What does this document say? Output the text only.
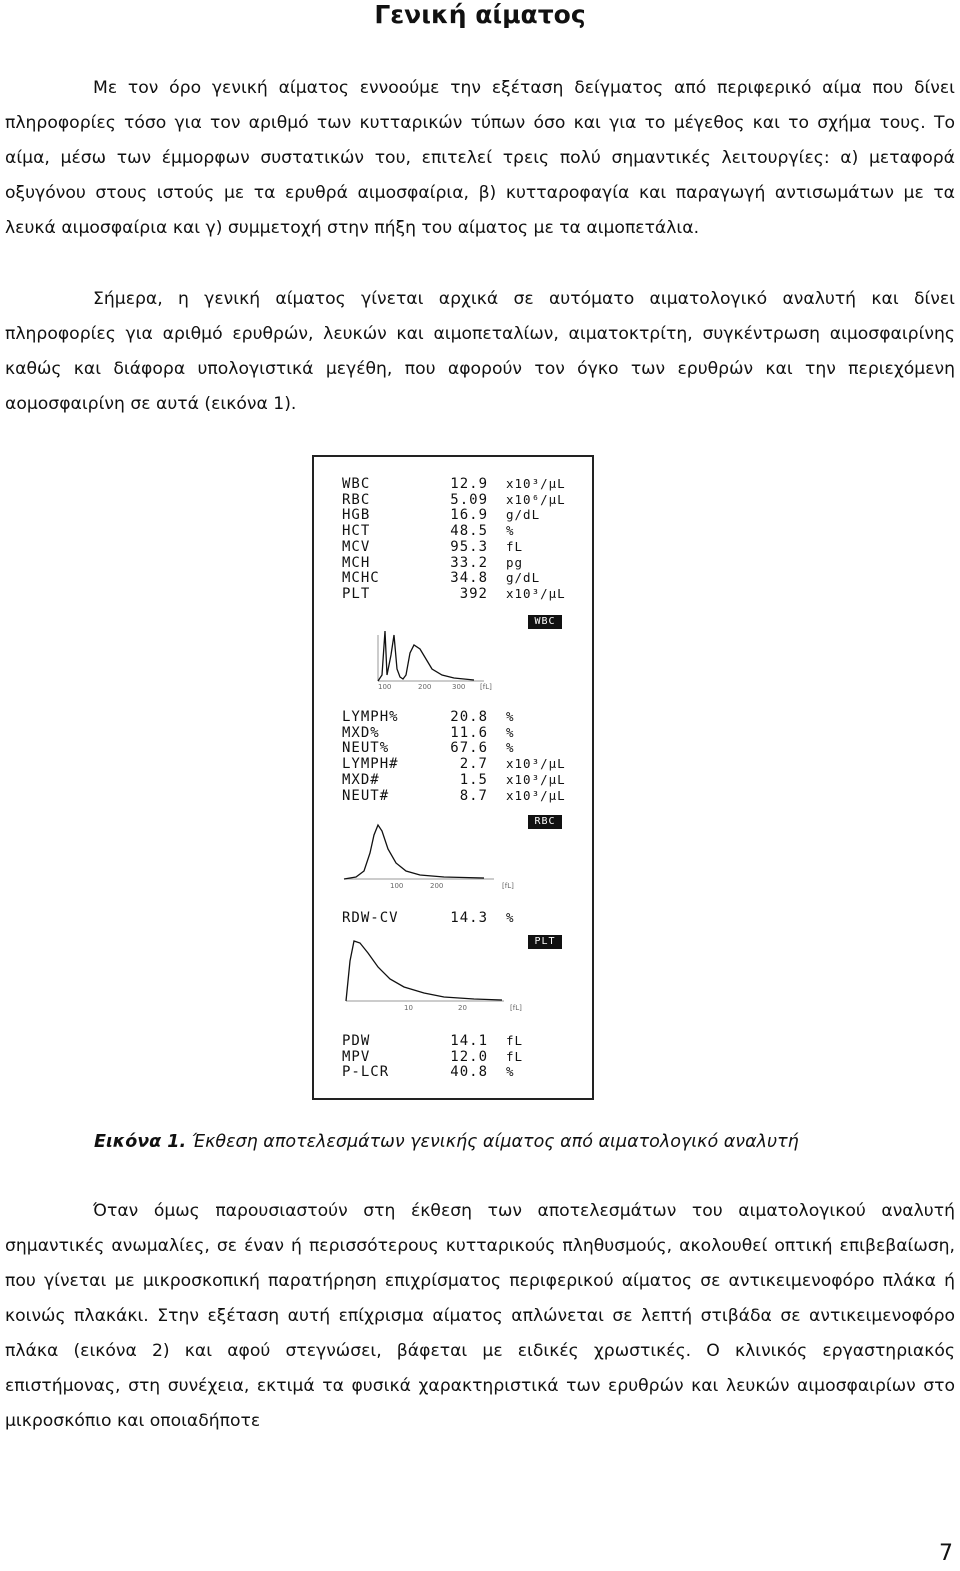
Γενική αίματος

Με τον όρο γενική αίματος εννοούμε την εξέταση δείγματος από περιφερικό αίμα που δίνει πληροφορίες τόσο για τον αριθμό των κυτταρικών τύπων όσο και για το μέγεθος και το σχήμα τους. Το αίμα, μέσω των έμμορφων συστατικών του, επιτελεί τρεις πολύ σημαντικές λειτουργίες: α) μεταφορά οξυγόνου στους ιστούς με τα ερυθρά αιμοσφαίρια, β) κυτταροφαγία και παραγωγή αντισωμάτων με τα λευκά αιμοσφαίρια και γ) συμμετοχή στην πήξη του αίματος με τα αιμοπετάλια.

Σήμερα, η γενική αίματος γίνεται αρχικά σε αυτόματο αιματολογικό αναλυτή και δίνει πληροφορίες για αριθμό ερυθρών, λευκών και αιμοπεταλίων, αιματοκτρίτη, συγκέντρωση αιμοσφαιρίνης καθώς και διάφορα υπολογιστικά μεγέθη, που αφορούν τον όγκο των ερυθρών και την περιεχόμενη αομοσφαιρίνη σε αυτά (εικόνα 1).

WBC	12.9 x10³/μL
RBC	5.09 x10⁶/μL
HGB	16.9 g/dL
HCT	48.5 %
MCV	95.3 fL
MCH	33.2 pg
MCHC	34.8 g/dL
PLT	392 x10³/μL
WBC
100	200	300 [fL]
LYMPH%	20.8 %
MXD%	11.6 %
NEUT%	67.6 %
LYMPH#	2.7 x10³/μL
MXD#	1.5 x10³/μL
NEUT#	8.7 x10³/μL
RBC
100	200	[fL]
RDW-CV	14.3 %
PLT
10	20	[fL]
PDW	14.1 fL
MPV	12.0 fL
P-LCR	40.8 %
Εικόνα 1. Έκθεση αποτελεσμάτων γενικής αίματος από αιματολογικό αναλυτή

Όταν όμως παρουσιαστούν στη έκθεση των αποτελεσμάτων του αιματολογικού αναλυτή σημαντικές ανωμαλίες, σε έναν ή περισσότερους κυτταρικούς πληθυσμούς, ακολουθεί οπτική επιβεβαίωση, που γίνεται με μικροσκοπική παρατήρηση επιχρίσματος περιφερικού αίματος σε αντικειμενοφόρο πλάκα ή κοινώς πλακάκι. Στην εξέταση αυτή επίχρισμα αίματος απλώνεται σε λεπτή στιβάδα σε αντικειμενοφόρο πλάκα (εικόνα 2) και αφού στεγνώσει, βάφεται με ειδικές χρωστικές. Ο κλινικός εργαστηριακός επιστήμονας, στη συνέχεια, εκτιμά τα φυσικά χαρακτηριστικά των ερυθρών και λευκών αιμοσφαιρίων στο μικροσκόπιο και οποιαδήποτε

7
